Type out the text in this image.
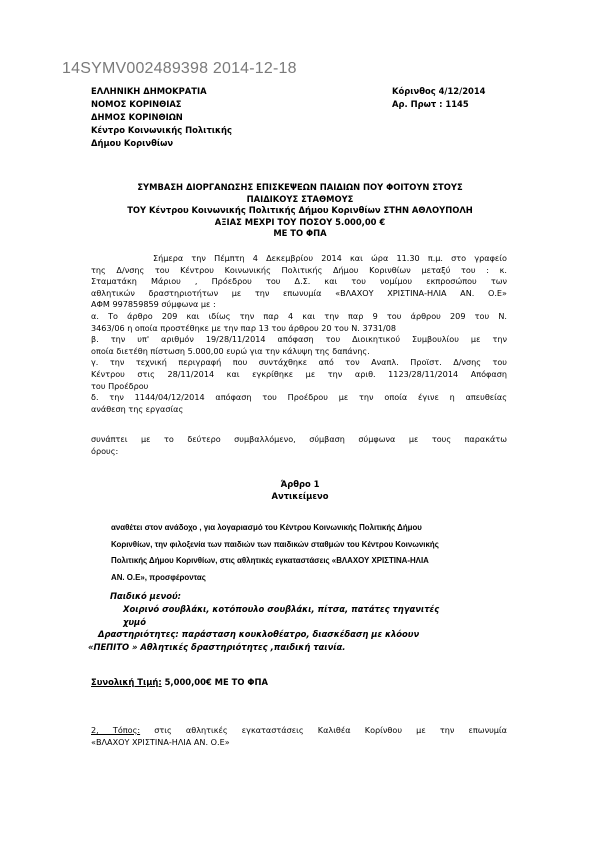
14SYMV002489398 2014-12-18
ΕΛΛΗΝΙΚΗ ΔΗΜΟΚΡΑΤΙΑ
ΝΟΜΟΣ ΚΟΡΙΝΘΙΑΣ
ΔΗΜΟΣ ΚΟΡΙΝΘΙΩΝ
Κέντρο Κοινωνικής Πολιτικής
Δήμου Κορινθίων
Κόρινθος 4/12/2014
Αρ. Πρωτ : 1145
ΣΥΜΒΑΣΗ ΔΙΟΡΓΑΝΩΣΗΣ ΕΠΙΣΚΕΨΕΩΝ ΠΑΙΔΙΩΝ ΠΟΥ ΦΟΙΤΟΥΝ ΣΤΟΥΣ
ΠΑΙΔΙΚΟΥΣ ΣΤΑΘΜΟΥΣ
ΤΟΥ Κέντρου Κοινωνικής Πολιτικής Δήμου Κορινθίων ΣΤΗΝ ΑΘΛΟΥΠΟΛΗ
ΑΞΙΑΣ ΜΕΧΡΙ ΤΟΥ ΠΟΣΟΥ 5.000,00 €
ΜΕ ΤΟ ΦΠΑ
Σήμερα την Πέμπτη 4 Δεκεμβρίου 2014 και ώρα 11.30 π.μ. στο γραφείο
της Δ/νσης του Κέντρου Κοινωνικής Πολιτικής Δήμου Κορινθίων μεταξύ του : κ.
Σταματάκη Μάριου , Πρόεδρου του Δ.Σ. και του νομίμου εκπροσώπου των
αθλητικών δραστηριοτήτων με την επωνυμία «ΒΛΑΧΟΥ ΧΡΙΣΤΙΝΑ-ΗΛΙΑ ΑΝ. Ο.Ε»
ΑΦΜ 997859859 σύμφωνα με :
α. Το άρθρο 209 και ιδίως την παρ 4 και την παρ 9 του άρθρου 209 του Ν.
3463/06 η οποία προστέθηκε με την παρ 13 του άρθρου 20 του Ν. 3731/08
β. την υπ' αριθμόν 19/28/11/2014 απόφαση του Διοικητικού Συμβουλίου με την
οποία διετέθη πίστωση 5.000,00 ευρώ για την κάλυψη της δαπάνης.
γ. την τεχνική περιγραφή που συντάχθηκε από τον Αναπλ. Προϊστ. Δ/νσης του
Κέντρου στις 28/11/2014 και εγκρίθηκε με την αριθ. 1123/28/11/2014 Απόφαση
του Προέδρου
δ. την 1144/04/12/2014 απόφαση του Προέδρου με την οποία έγινε η απευθείας
ανάθεση της εργασίας
συνάπτει με το δεύτερο συμβαλλόμενο, σύμβαση σύμφωνα με τους παρακάτω
όρους:
Άρθρο 1
Αντικείμενο
αναθέτει στον ανάδοχο , για λογαριασμό του Κέντρου Κοινωνικής Πολιτικής Δήμου
Κορινθίων, την φιλοξενία των παιδιών των παιδικών σταθμών του Κέντρου Κοινωνικής
Πολιτικής Δήμου Κορινθίων, στις αθλητικές εγκαταστάσεις «ΒΛΑΧΟΥ ΧΡΙΣΤΙΝΑ-ΗΛΙΑ
ΑΝ. Ο.Ε», προσφέροντας
Παιδικό μενού:
Χοιρινό σουβλάκι, κοτόπουλο σουβλάκι, πίτσα, πατάτες τηγανιτές
χυμό
Δραστηριότητες: παράσταση κουκλοθέατρο, διασκέδαση με κλόουν
«ΠΕΠΙΤΟ » Αθλητικές δραστηριότητες ,παιδική ταινία.
Συνολική Τιμή: 5,000,00€ ΜΕ ΤΟ ΦΠΑ
2, Τόπος: στις αθλητικές εγκαταστάσεις Καλιθέα Κορίνθου με την επωνυμία
«ΒΛΑΧΟΥ ΧΡΙΣΤΙΝΑ-ΗΛΙΑ ΑΝ. Ο.Ε»
